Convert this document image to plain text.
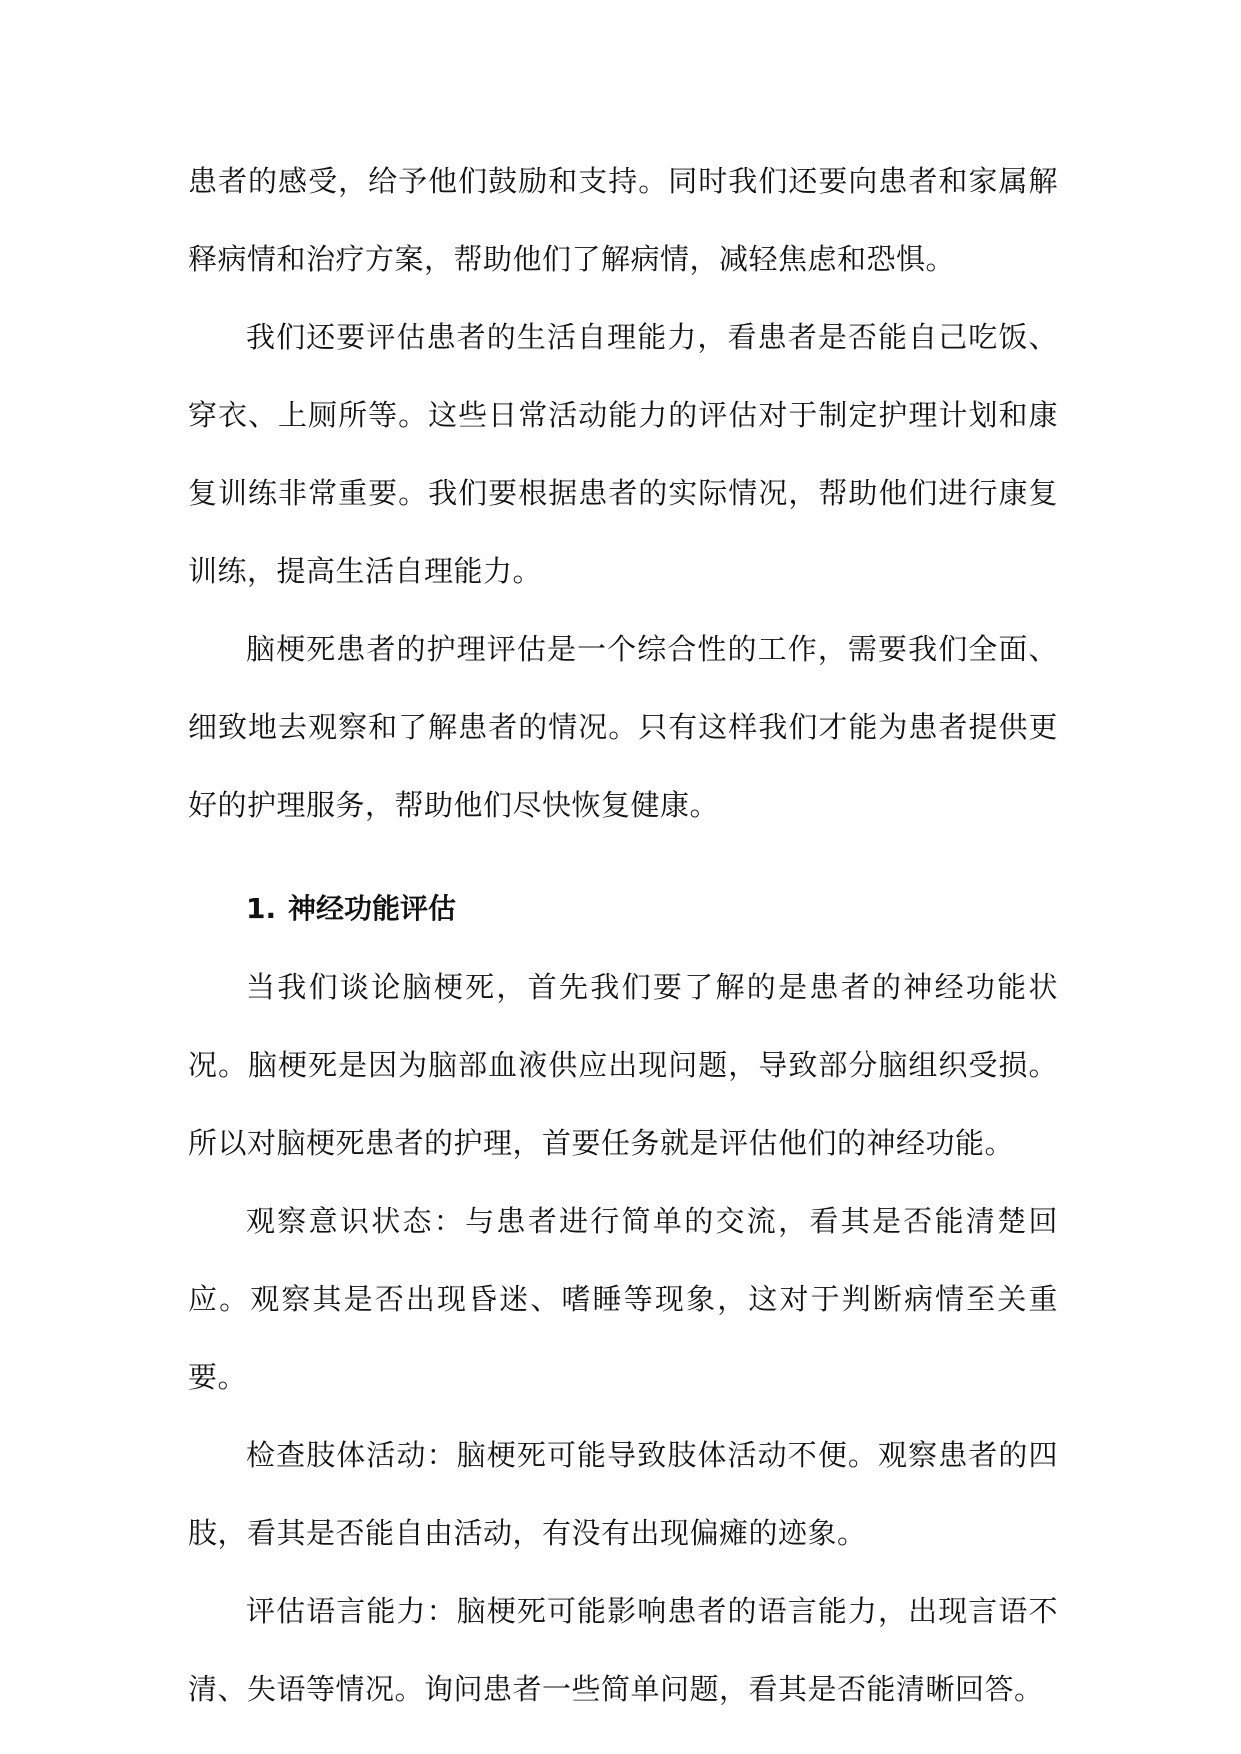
患者的感受，给予他们鼓励和支持。同时我们还要向患者和家属解释病情和治疗方案，帮助他们了解病情，减轻焦虑和恐惧。

我们还要评估患者的生活自理能力，看患者是否能自己吃饭、穿衣、上厕所等。这些日常活动能力的评估对于制定护理计划和康复训练非常重要。我们要根据患者的实际情况，帮助他们进行康复训练，提高生活自理能力。

脑梗死患者的护理评估是一个综合性的工作，需要我们全面、细致地去观察和了解患者的情况。只有这样我们才能为患者提供更好的护理服务，帮助他们尽快恢复健康。

1. 神经功能评估

当我们谈论脑梗死，首先我们要了解的是患者的神经功能状况。脑梗死是因为脑部血液供应出现问题，导致部分脑组织受损。所以对脑梗死患者的护理，首要任务就是评估他们的神经功能。

观察意识状态：与患者进行简单的交流，看其是否能清楚回应。观察其是否出现昏迷、嗜睡等现象，这对于判断病情至关重要。

检查肢体活动：脑梗死可能导致肢体活动不便。观察患者的四肢，看其是否能自由活动，有没有出现偏瘫的迹象。

评估语言能力：脑梗死可能影响患者的语言能力，出现言语不清、失语等情况。询问患者一些简单问题，看其是否能清晰回答。
